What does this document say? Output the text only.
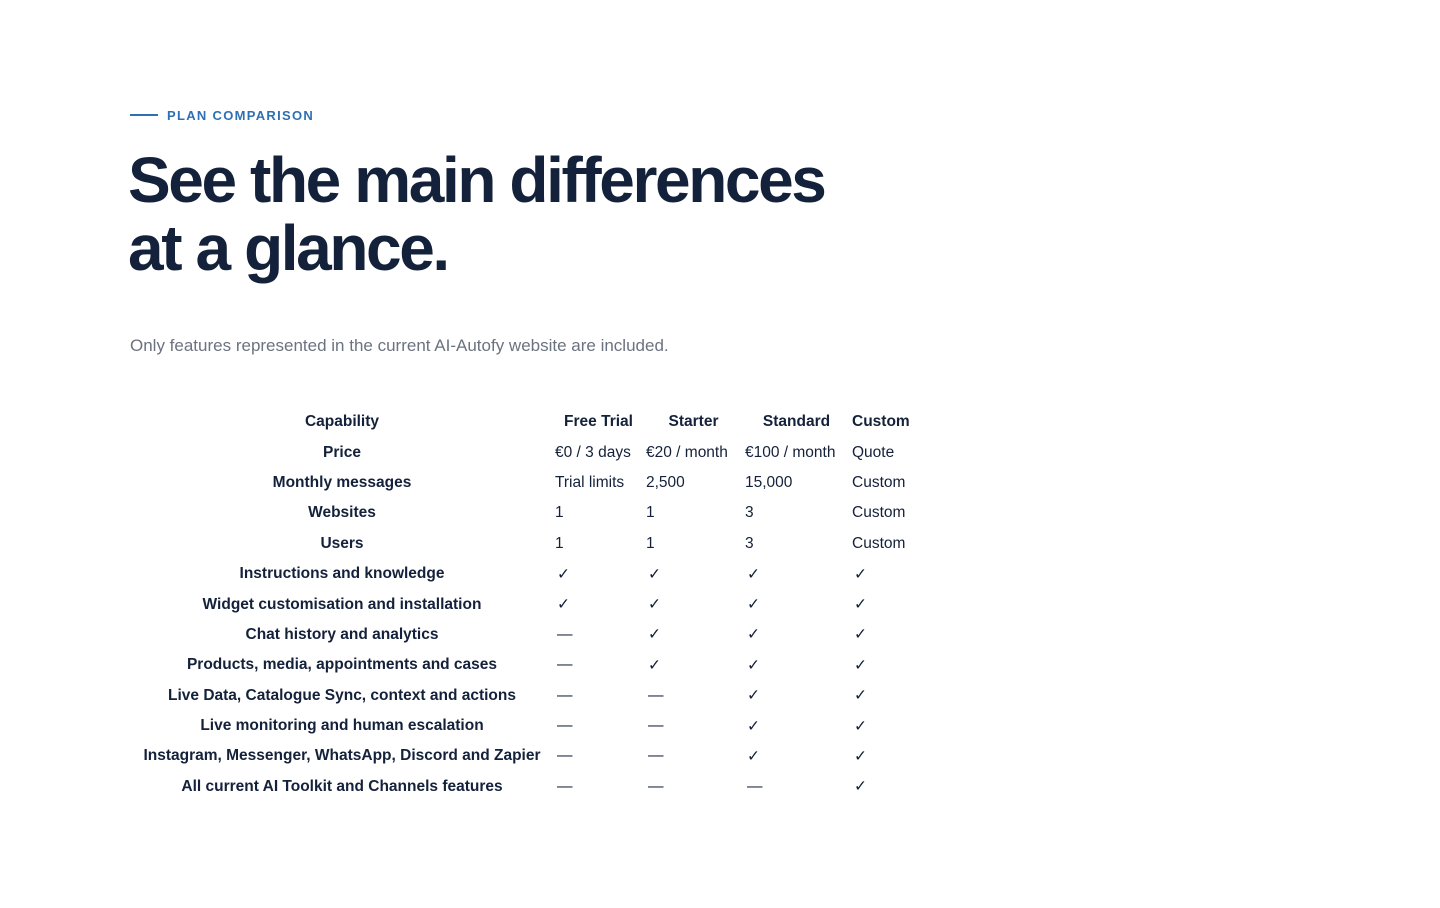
PLAN COMPARISON
See the main differences
at a glance.

Only features represented in the current AI-Autofy website are included.

Capability	Free Trial	Starter	Standard	Custom
Price	€0 / 3 days	€20 / month	€100 / month	Quote
Monthly messages	Trial limits	2,500	15,000	Custom
Websites	1	1	3	Custom
Users	1	1	3	Custom
Instructions and knowledge	✓	✓	✓	✓
Widget customisation and installation	✓	✓	✓	✓
Chat history and analytics	—	✓	✓	✓
Products, media, appointments and cases	—	✓	✓	✓
Live Data, Catalogue Sync, context and actions	—	—	✓	✓
Live monitoring and human escalation	—	—	✓	✓
Instagram, Messenger, WhatsApp, Discord and Zapier	—	—	✓	✓
All current AI Toolkit and Channels features	—	—	—	✓
